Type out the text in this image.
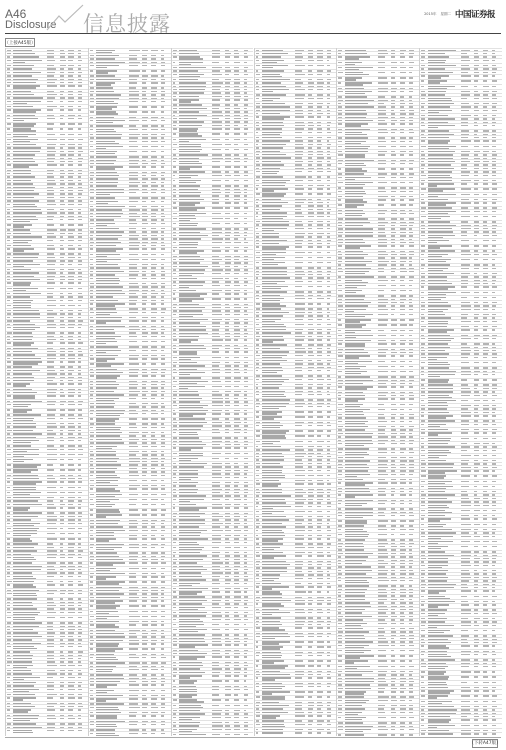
A46
Disclosure 信息披露	2015年 星期二 中国证券报
（上接A45版）
（下转A47版）
